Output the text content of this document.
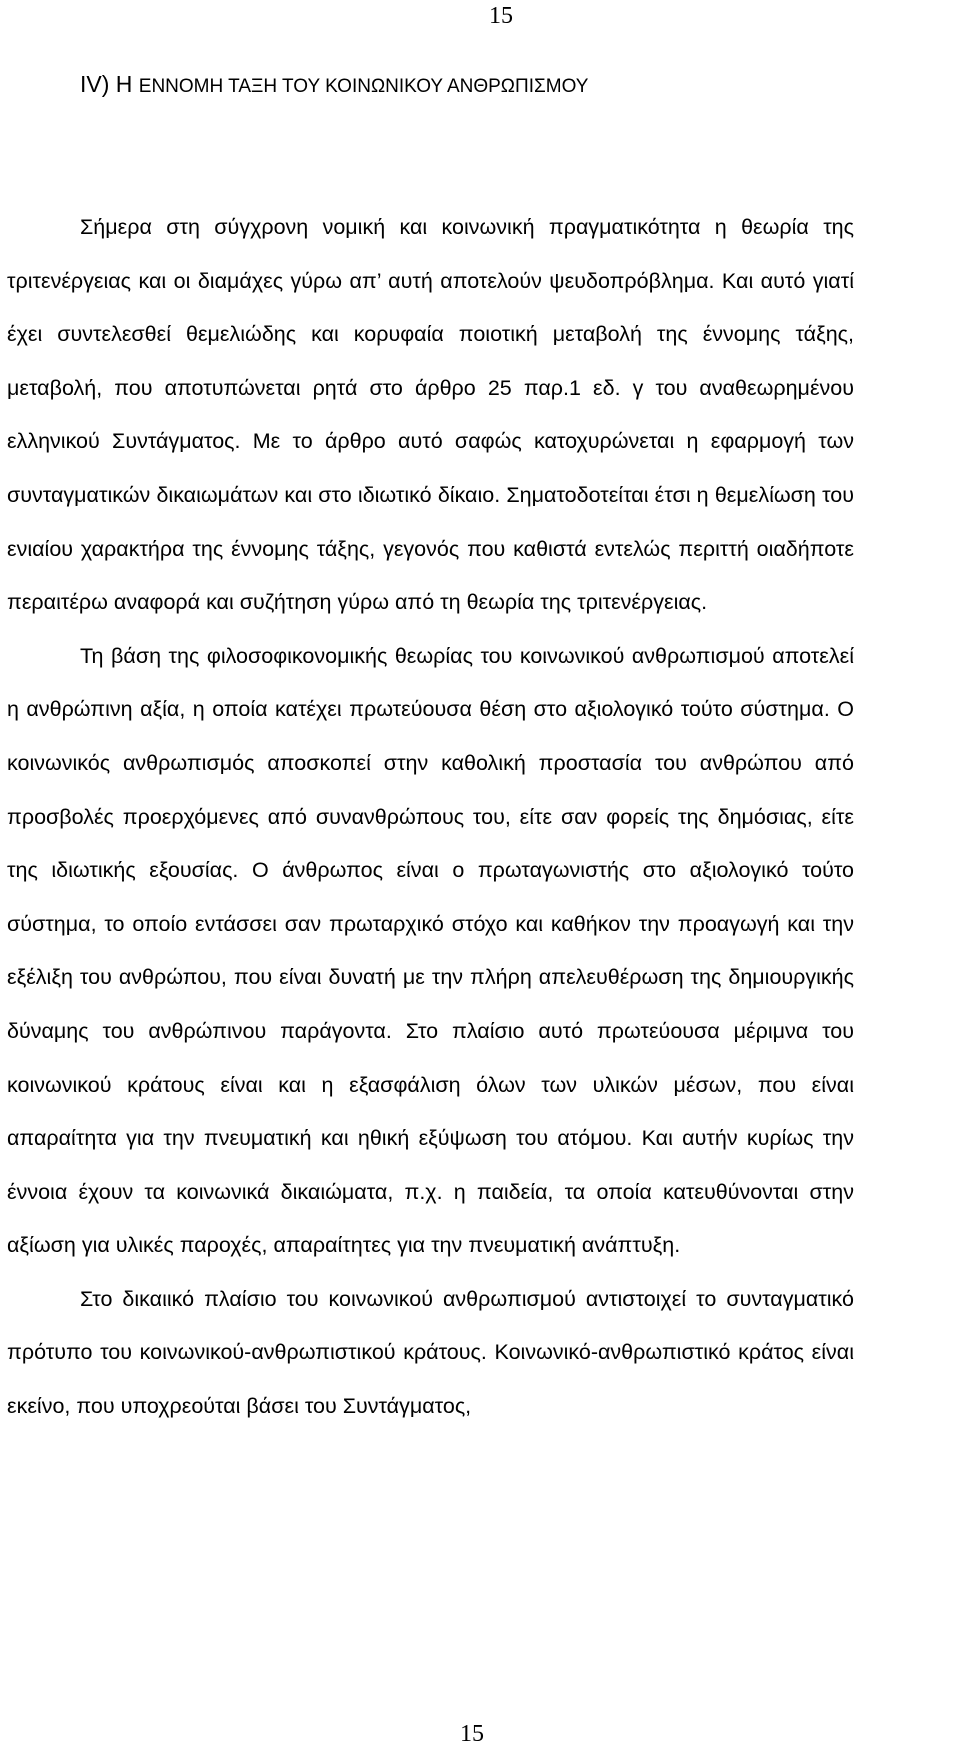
15
IV) Η ΕΝΝΟΜΗ ΤΑΞΗ ΤΟΥ ΚΟΙΝΩΝΙΚΟΥ ΑΝΘΡΩΠΙΣΜΟΥ

Σήμερα στη σύγχρονη νομική και κοινωνική πραγματικότητα η θεωρία της τριτενέργειας και οι διαμάχες γύρω απ’ αυτή αποτελούν ψευδοπρόβλημα. Και αυτό γιατί έχει συντελεσθεί θεμελιώδης και κορυφαία ποιοτική μεταβολή της έννομης τάξης, μεταβολή, που αποτυπώνεται ρητά στο άρθρο 25 παρ.1 εδ. γ του αναθεωρημένου ελληνικού Συντάγματος. Με το άρθρο αυτό σαφώς κατοχυρώνεται η εφαρμογή των συνταγματικών δικαιωμάτων και στο ιδιωτικό δίκαιο. Σηματοδοτείται έτσι η θεμελίωση του ενιαίου χαρακτήρα της έννομης τάξης, γεγονός που καθιστά εντελώς περιττή οιαδήποτε περαιτέρω αναφορά και συζήτηση γύρω από τη θεωρία της τριτενέργειας.

Τη βάση της φιλοσοφικονομικής θεωρίας του κοινωνικού ανθρωπισμού αποτελεί η ανθρώπινη αξία, η οποία κατέχει πρωτεύουσα θέση στο αξιολογικό τούτο σύστημα. Ο κοινωνικός ανθρωπισμός αποσκοπεί στην καθολική προστασία του ανθρώπου από προσβολές προερχόμενες από συνανθρώπους του, είτε σαν φορείς της δημόσιας, είτε της ιδιωτικής εξουσίας. Ο άνθρωπος είναι ο πρωταγωνιστής στο αξιολογικό τούτο σύστημα, το οποίο εντάσσει σαν πρωταρχικό στόχο και καθήκον την προαγωγή και την εξέλιξη του ανθρώπου, που είναι δυνατή με την πλήρη απελευθέρωση της δημιουργικής δύναμης του ανθρώπινου παράγοντα. Στο πλαίσιο αυτό πρωτεύουσα μέριμνα του κοινωνικού κράτους είναι και η εξασφάλιση όλων των υλικών μέσων, που είναι απαραίτητα για την πνευματική και ηθική εξύψωση του ατόμου. Και αυτήν κυρίως την έννοια έχουν τα κοινωνικά δικαιώματα, π.χ. η παιδεία, τα οποία κατευθύνονται στην αξίωση για υλικές παροχές, απαραίτητες για την πνευματική ανάπτυξη.

Στο δικαιικό πλαίσιο του κοινωνικού ανθρωπισμού αντιστοιχεί το συνταγματικό πρότυπο του κοινωνικού-ανθρωπιστικού κράτους. Κοινωνικό-ανθρωπιστικό κράτος είναι εκείνο, που υποχρεούται βάσει του Συντάγματος,

15
